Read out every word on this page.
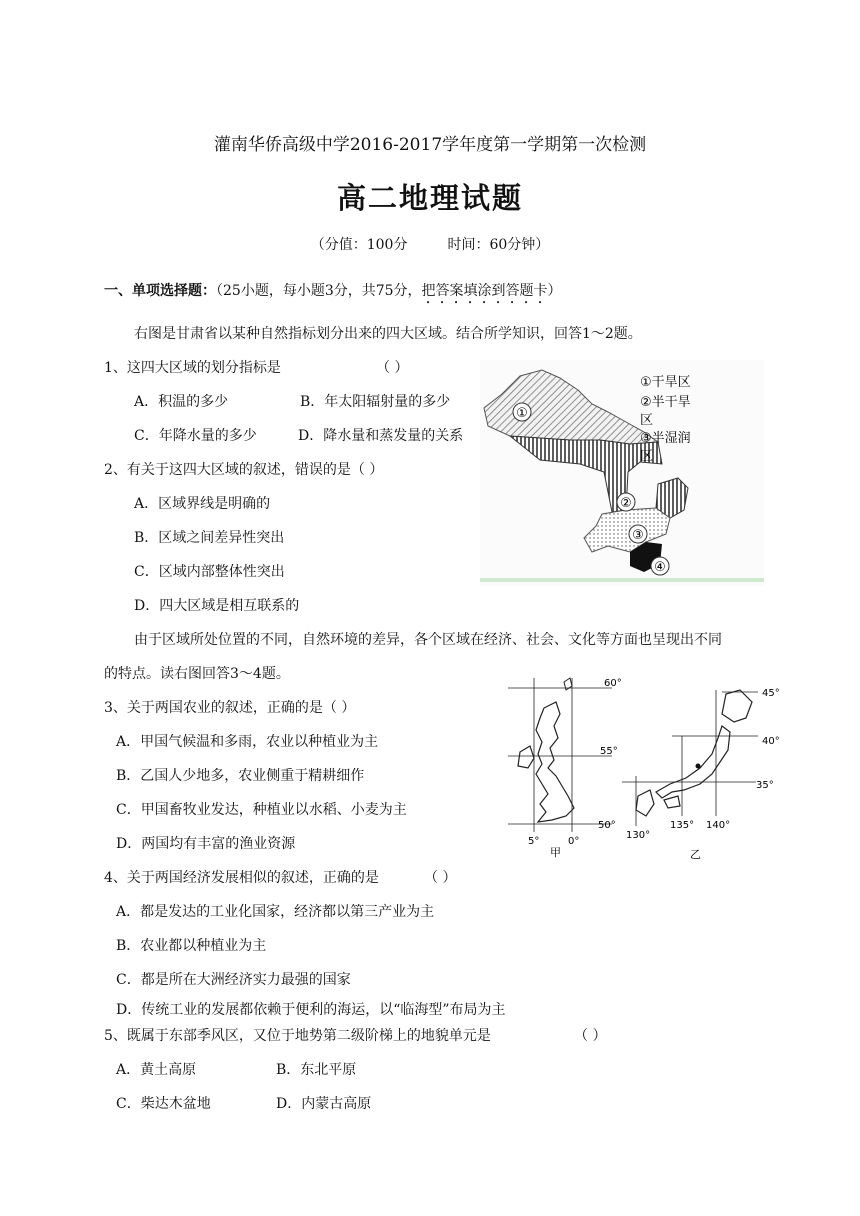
灌南华侨高级中学2016-2017学年度第一学期第一次检测
高二地理试题
（分值：100分	时间：60分钟）
一、单项选择题：（25小题，每小题3分，共75分，把答案填涂到答题卡）
右图是甘肃省以某种自然指标划分出来的四大区域。结合所学知识，回答1～2题。
1、这四大区域的划分指标是	（ ）
A．积温的多少	B．年太阳辐射量的多少
C．年降水量的多少	D．降水量和蒸发量的关系
2、有关于这四大区域的叙述，错误的是（ ）
A．区域界线是明确的
B．区域之间差异性突出
C．区域内部整体性突出
D．四大区域是相互联系的
①
②
③
④
①干旱区
②半干旱
区
③半湿润
区
由于区域所处位置的不同，自然环境的差异，各个区域在经济、社会、文化等方面也呈现出不同
的特点。读右图回答3～4题。
3、关于两国农业的叙述，正确的是（ ）
A．甲国气候温和多雨，农业以种植业为主
B．乙国人少地多，农业侧重于精耕细作
C．甲国畜牧业发达，种植业以水稻、小麦为主
D．两国均有丰富的渔业资源
60°
55°
50°
5°	0°
甲
45°
40°
35°
130°
135° 140°
乙
4、关于两国经济发展相似的叙述，正确的是	（ ）
A．都是发达的工业化国家，经济都以第三产业为主
B．农业都以种植业为主
C．都是所在大洲经济实力最强的国家
D．传统工业的发展都依赖于便利的海运，以“临海型”布局为主
5、既属于东部季风区，又位于地势第二级阶梯上的地貌单元是	（ ）
A．黄土高原	B．东北平原
C．柴达木盆地	D．内蒙古高原
